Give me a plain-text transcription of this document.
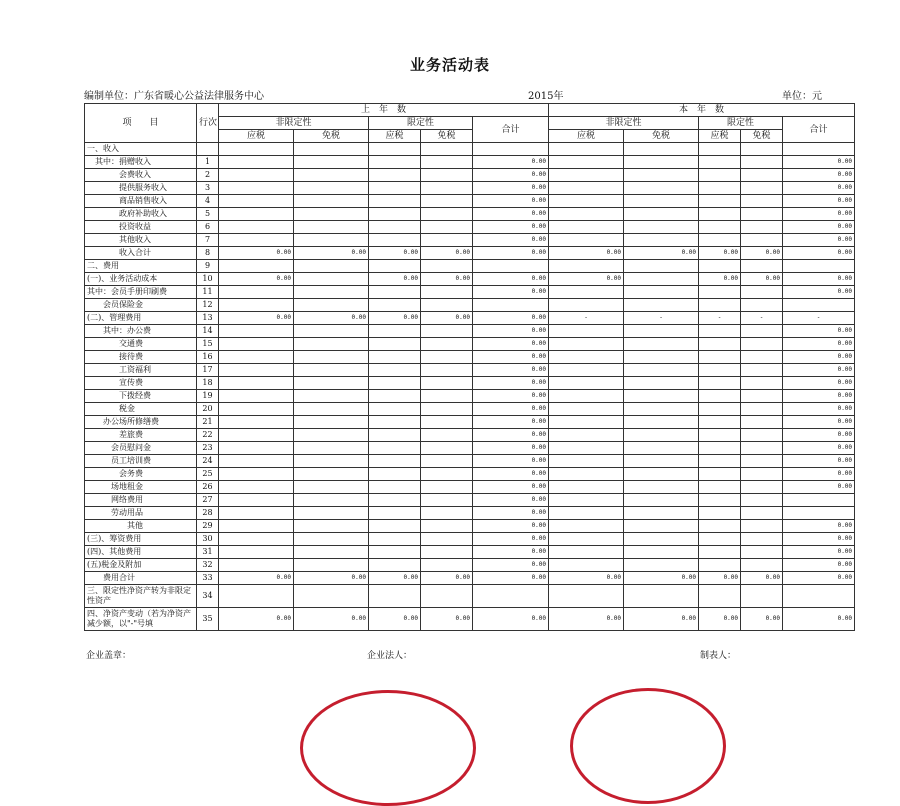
业务活动表
编制单位：广东省暖心公益法律服务中心	2015年	单位：元
项　　目	行次	上　年　数					本　年　数				
		非限定性		限定性		合计	非限定性		限定性		合计
		应税	免税	应税	免税		应税	免税	应税	免税	
一、收入											
　其中：捐赠收入	1					0.00					0.00
　　　　会费收入	2					0.00					0.00
　　　　提供服务收入	3					0.00					0.00
　　　　商品销售收入	4					0.00					0.00
　　　　政府补助收入	5					0.00					0.00
　　　　投资收益	6					0.00					0.00
　　　　其他收入	7					0.00					0.00
　　　　收入合计	8	0.00	0.00	0.00	0.00	0.00	0.00	0.00	0.00	0.00	0.00
二、费用	9										
(一)、业务活动成本	10	0.00		0.00	0.00	0.00	0.00		0.00	0.00	0.00
其中：会员手册印刷费	11					0.00					0.00
　　会员保险金	12										
(二)、管理费用	13	0.00	0.00	0.00	0.00	0.00	-	-	-	-	-
　　其中：办公费	14					0.00					0.00
　　　　交通费	15					0.00					0.00
　　　　接待费	16					0.00					0.00
　　　　工资福利	17					0.00					0.00
　　　　宣传费	18					0.00					0.00
　　　　下拨经费	19					0.00					0.00
　　　　税金	20					0.00					0.00
　　办公场所修缮费	21					0.00					0.00
　　　　差旅费	22					0.00					0.00
　　　会员慰问金	23					0.00					0.00
　　　员工培训费	24					0.00					0.00
　　　　会务费	25					0.00					0.00
　　　场地租金	26					0.00					0.00
　　　网络费用	27					0.00					
　　　劳动用品	28					0.00					
　　　　　其他	29					0.00					0.00
(三)、筹资费用	30					0.00					0.00
(四)、其他费用	31					0.00					0.00
(五)税金及附加	32					0.00					0.00
　　费用合计	33	0.00	0.00	0.00	0.00	0.00	0.00	0.00	0.00	0.00	0.00
三、限定性净资产转为非限定性资产	34										
四、净资产变动（若为净资产减少额，以"-"号填	35	0.00	0.00	0.00	0.00	0.00	0.00	0.00	0.00	0.00	0.00
企业盖章：	企业法人：	制表人：
